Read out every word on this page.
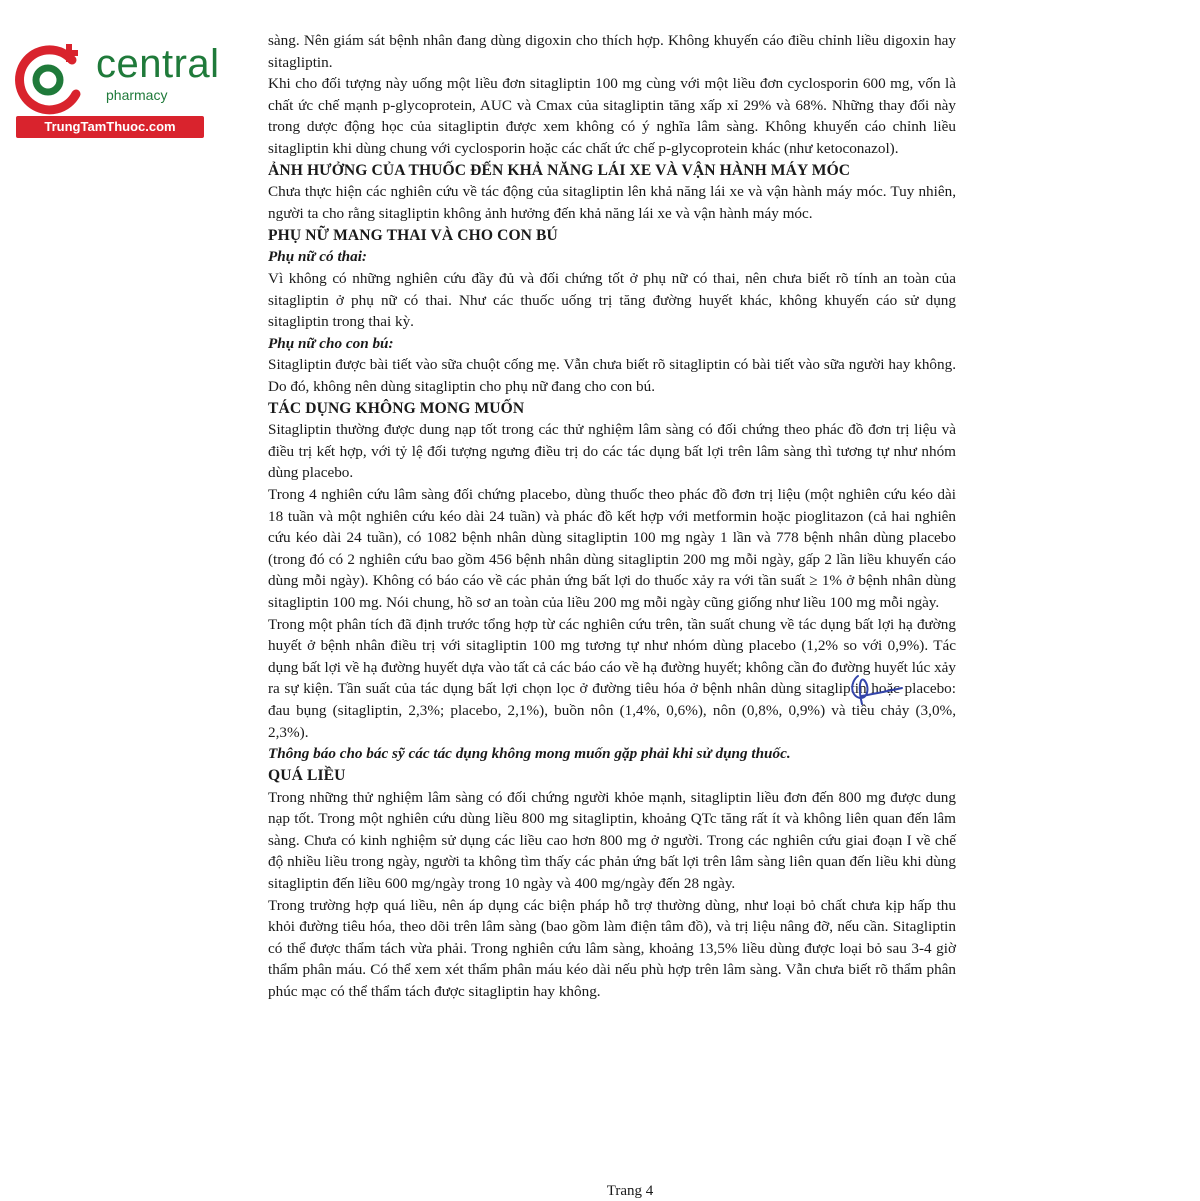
central
pharmacy
TrungTamThuoc.com

sàng. Nên giám sát bệnh nhân đang dùng digoxin cho thích hợp. Không khuyến cáo điều chỉnh liều digoxin hay sitagliptin.

Khi cho đối tượng này uống một liều đơn sitagliptin 100 mg cùng với một liều đơn cyclosporin 600 mg, vốn là chất ức chế mạnh p-glycoprotein, AUC và Cmax của sitagliptin tăng xấp xỉ 29% và 68%. Những thay đổi này trong dược động học của sitagliptin được xem không có ý nghĩa lâm sàng. Không khuyến cáo chỉnh liều sitagliptin khi dùng chung với cyclosporin hoặc các chất ức chế p-glycoprotein khác (như ketoconazol).

ẢNH HƯỞNG CỦA THUỐC ĐẾN KHẢ NĂNG LÁI XE VÀ VẬN HÀNH MÁY MÓC

Chưa thực hiện các nghiên cứu về tác động của sitagliptin lên khả năng lái xe và vận hành máy móc. Tuy nhiên, người ta cho rằng sitagliptin không ảnh hưởng đến khả năng lái xe và vận hành máy móc.

PHỤ NỮ MANG THAI VÀ CHO CON BÚ
Phụ nữ có thai:

Vì không có những nghiên cứu đầy đủ và đối chứng tốt ở phụ nữ có thai, nên chưa biết rõ tính an toàn của sitagliptin ở phụ nữ có thai. Như các thuốc uống trị tăng đường huyết khác, không khuyến cáo sử dụng sitagliptin trong thai kỳ.

Phụ nữ cho con bú:

Sitagliptin được bài tiết vào sữa chuột cống mẹ. Vẫn chưa biết rõ sitagliptin có bài tiết vào sữa người hay không. Do đó, không nên dùng sitagliptin cho phụ nữ đang cho con bú.

TÁC DỤNG KHÔNG MONG MUỐN

Sitagliptin thường được dung nạp tốt trong các thử nghiệm lâm sàng có đối chứng theo phác đồ đơn trị liệu và điều trị kết hợp, với tỷ lệ đối tượng ngưng điều trị do các tác dụng bất lợi trên lâm sàng thì tương tự như nhóm dùng placebo.

Trong 4 nghiên cứu lâm sàng đối chứng placebo, dùng thuốc theo phác đồ đơn trị liệu (một nghiên cứu kéo dài 18 tuần và một nghiên cứu kéo dài 24 tuần) và phác đồ kết hợp với metformin hoặc pioglitazon (cả hai nghiên cứu kéo dài 24 tuần), có 1082 bệnh nhân dùng sitagliptin 100 mg ngày 1 lần và 778 bệnh nhân dùng placebo (trong đó có 2 nghiên cứu bao gồm 456 bệnh nhân dùng sitagliptin 200 mg mỗi ngày, gấp 2 lần liều khuyến cáo dùng mỗi ngày). Không có báo cáo về các phản ứng bất lợi do thuốc xảy ra với tần suất ≥ 1% ở bệnh nhân dùng sitagliptin 100 mg. Nói chung, hồ sơ an toàn của liều 200 mg mỗi ngày cũng giống như liều 100 mg mỗi ngày.

Trong một phân tích đã định trước tổng hợp từ các nghiên cứu trên, tần suất chung về tác dụng bất lợi hạ đường huyết ở bệnh nhân điều trị với sitagliptin 100 mg tương tự như nhóm dùng placebo (1,2% so với 0,9%). Tác dụng bất lợi về hạ đường huyết dựa vào tất cả các báo cáo về hạ đường huyết; không cần đo đường huyết lúc xảy ra sự kiện. Tần suất của tác dụng bất lợi chọn lọc ở đường tiêu hóa ở bệnh nhân dùng sitagliptin hoặc placebo: đau bụng (sitagliptin, 2,3%; placebo, 2,1%), buồn nôn (1,4%, 0,6%), nôn (0,8%, 0,9%) và tiêu chảy (3,0%, 2,3%).

Thông báo cho bác sỹ các tác dụng không mong muốn gặp phải khi sử dụng thuốc.

QUÁ LIỀU

Trong những thử nghiệm lâm sàng có đối chứng người khỏe mạnh, sitagliptin liều đơn đến 800 mg được dung nạp tốt. Trong một nghiên cứu dùng liều 800 mg sitagliptin, khoảng QTc tăng rất ít và không liên quan đến lâm sàng. Chưa có kinh nghiệm sử dụng các liều cao hơn 800 mg ở người. Trong các nghiên cứu giai đoạn I về chế độ nhiều liều trong ngày, người ta không tìm thấy các phản ứng bất lợi trên lâm sàng liên quan đến liều khi dùng sitagliptin đến liều 600 mg/ngày trong 10 ngày và 400 mg/ngày đến 28 ngày.

Trong trường hợp quá liều, nên áp dụng các biện pháp hỗ trợ thường dùng, như loại bỏ chất chưa kịp hấp thu khỏi đường tiêu hóa, theo dõi trên lâm sàng (bao gồm làm điện tâm đồ), và trị liệu nâng đỡ, nếu cần. Sitagliptin có thể được thẩm tách vừa phải. Trong nghiên cứu lâm sàng, khoảng 13,5% liều dùng được loại bỏ sau 3-4 giờ thẩm phân máu. Có thể xem xét thẩm phân máu kéo dài nếu phù hợp trên lâm sàng. Vẫn chưa biết rõ thẩm phân phúc mạc có thể thẩm tách được sitagliptin hay không.

Trang 4
